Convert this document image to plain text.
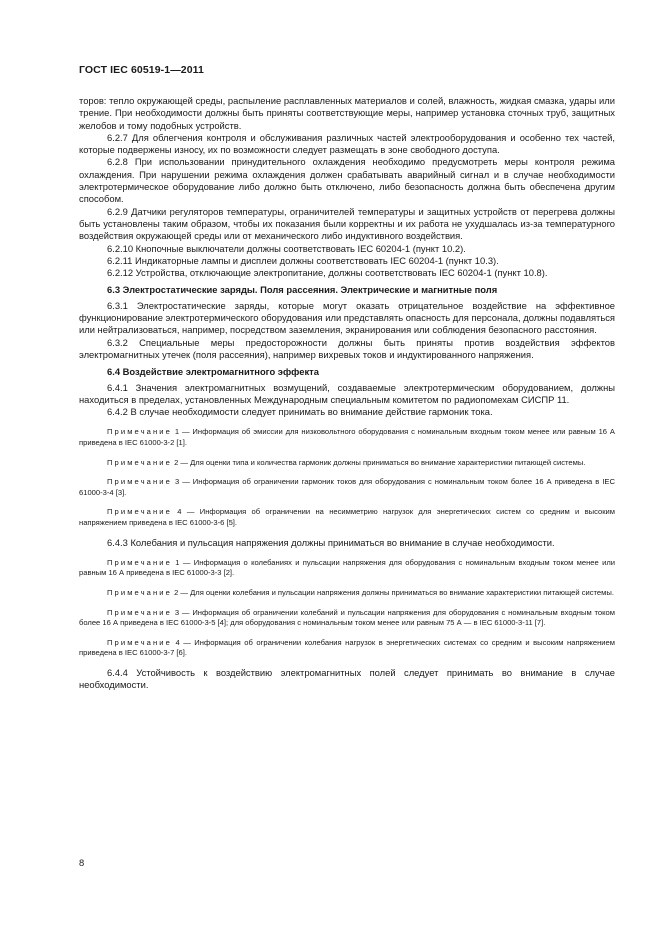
ГОСТ IEC 60519-1—2011

торов: тепло окружающей среды, распыление расплавленных материалов и солей, влажность, жидкая смазка, удары или трение. При необходимости должны быть приняты соответствующие меры, например установка сточных труб, защитных желобов и тому подобных устройств.

6.2.7 Для облегчения контроля и обслуживания различных частей электрооборудования и особенно тех частей, которые подвержены износу, их по возможности следует размещать в зоне свободного доступа.

6.2.8 При использовании принудительного охлаждения необходимо предусмотреть меры контроля режима охлаждения. При нарушении режима охлаждения должен срабатывать аварийный сигнал и в случае необходимости электротермическое оборудование либо должно быть отключено, либо безопасность должна быть обеспечена другим способом.

6.2.9 Датчики регуляторов температуры, ограничителей температуры и защитных устройств от перегрева должны быть установлены таким образом, чтобы их показания были корректны и их работа не ухудшалась из-за температурного воздействия окружающей среды или от механического либо индуктивного воздействия.

6.2.10 Кнопочные выключатели должны соответствовать IEC 60204-1 (пункт 10.2).

6.2.11 Индикаторные лампы и дисплеи должны соответствовать IEC 60204-1 (пункт 10.3).

6.2.12 Устройства, отключающие электропитание, должны соответствовать IEC 60204-1 (пункт 10.8).

6.3 Электростатические заряды. Поля рассеяния. Электрические и магнитные поля

6.3.1 Электростатические заряды, которые могут оказать отрицательное воздействие на эффективное функционирование электротермического оборудования или представлять опасность для персонала, должны подавляться или нейтрализоваться, например, посредством заземления, экранирования или соблюдения безопасного расстояния.

6.3.2 Специальные меры предосторожности должны быть приняты против воздействия эффектов электромагнитных утечек (поля рассеяния), например вихревых токов и индуктированного напряжения.

6.4 Воздействие электромагнитного эффекта

6.4.1 Значения электромагнитных возмущений, создаваемые электротермическим оборудованием, должны находиться в пределах, установленных Международным специальным комитетом по радиопомехам СИСПР 11.

6.4.2 В случае необходимости следует принимать во внимание действие гармоник тока.

Примечание 1 — Информация об эмиссии для низковольтного оборудования с номинальным входным током менее или равным 16 А приведена в IEC 61000-3-2 [1].

Примечание 2 — Для оценки типа и количества гармоник должны приниматься во внимание характеристики питающей системы.

Примечание 3 — Информация об ограничении гармоник токов для оборудования с номинальным током более 16 А приведена в IEC 61000-3-4 [3].

Примечание 4 — Информация об ограничении на несимметрию нагрузок для энергетических систем со средним и высоким напряжением приведена в IEC 61000-3-6 [5].

6.4.3 Колебания и пульсация напряжения должны приниматься во внимание в случае необходимости.

Примечание 1 — Информация о колебаниях и пульсации напряжения для оборудования с номинальным входным током менее или равным 16 А приведена в IEC 61000-3-3 [2].

Примечание 2 — Для оценки колебания и пульсации напряжения должны приниматься во внимание характеристики питающей системы.

Примечание 3 — Информация об ограничении колебаний и пульсации напряжения для оборудования с номинальным входным током более 16 А приведена в IEC 61000-3-5 [4]; для оборудования с номинальным током менее или равным 75 А — в IEC 61000-3-11 [7].

Примечание 4 — Информация об ограничении колебания нагрузок в энергетических системах со средним и высоким напряжением приведена в IEC 61000-3-7 [6].

6.4.4 Устойчивость к воздействию электромагнитных полей следует принимать во внимание в случае необходимости.

8
